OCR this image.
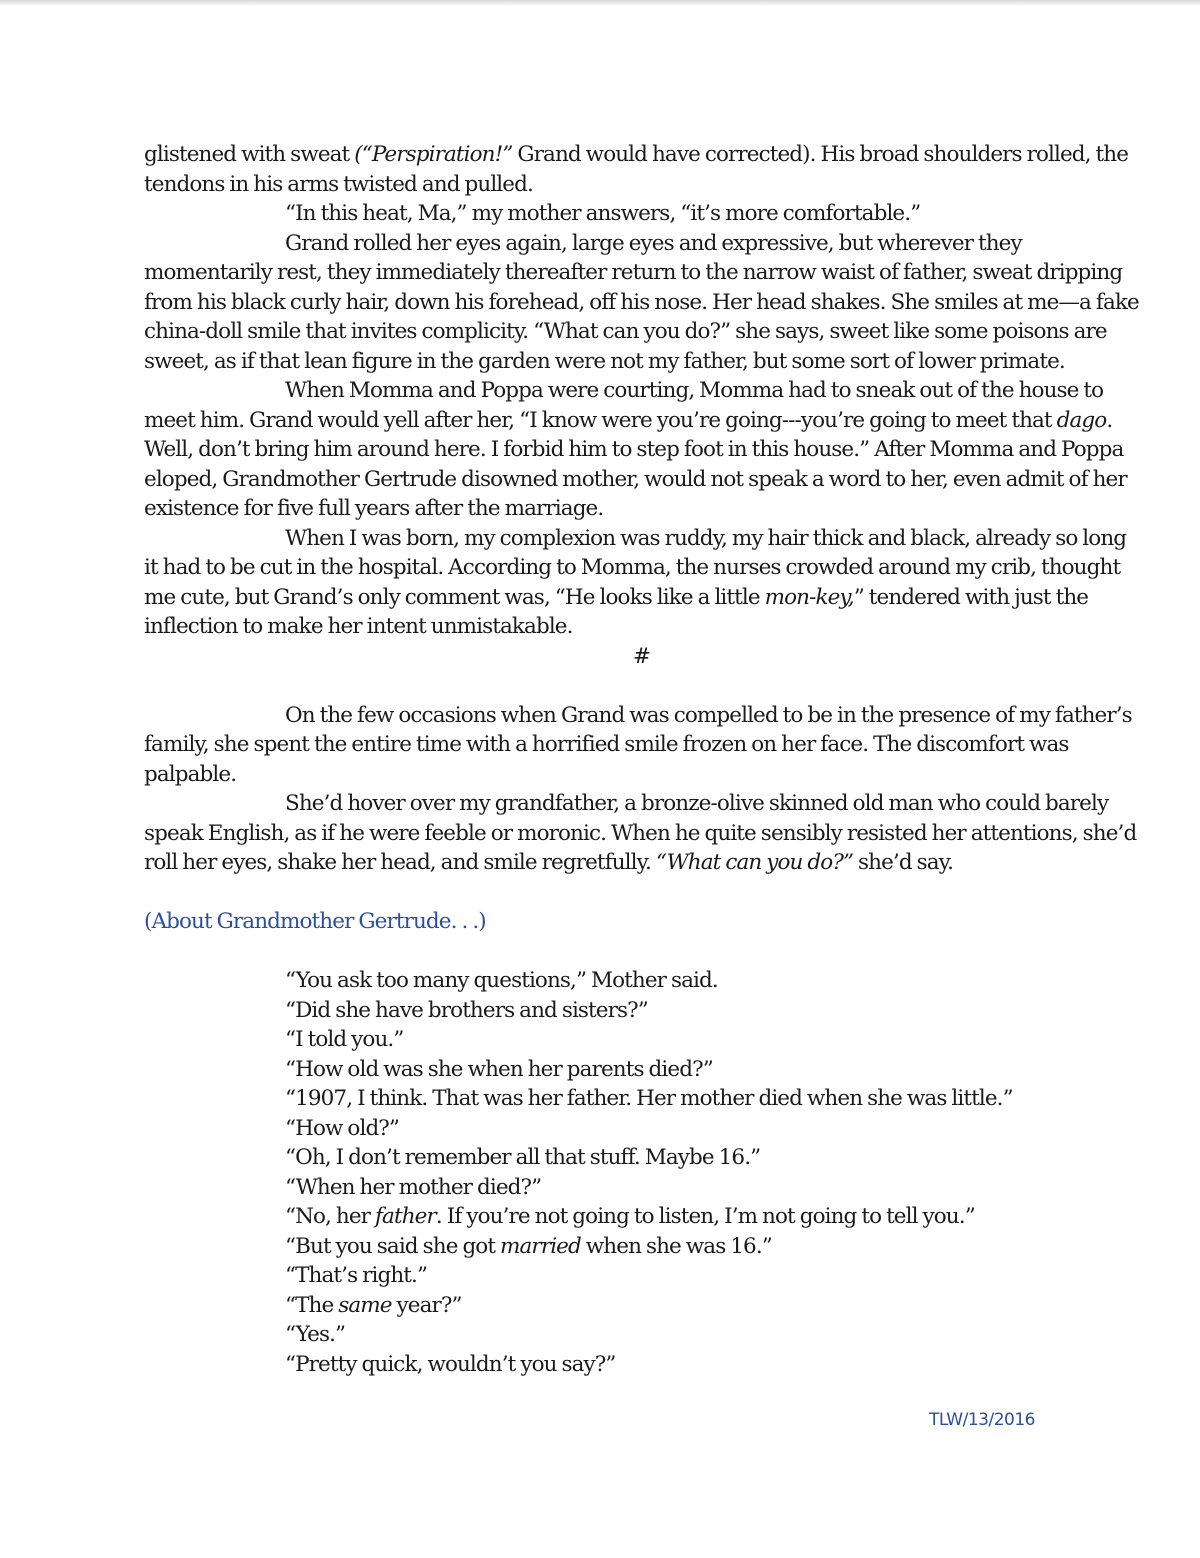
glistened with sweat (“Perspiration!” Grand would have corrected). His broad shoulders rolled, the tendons in his arms twisted and pulled.

“In this heat, Ma,” my mother answers, “it’s more comfortable.”

Grand rolled her eyes again, large eyes and expressive, but wherever they momentarily rest, they immediately thereafter return to the narrow waist of father, sweat dripping from his black curly hair, down his forehead, off his nose. Her head shakes. She smiles at me—a fake china-doll smile that invites complicity. “What can you do?” she says, sweet like some poisons are sweet, as if that lean figure in the garden were not my father, but some sort of lower primate.

When Momma and Poppa were courting, Momma had to sneak out of the house to meet him. Grand would yell after her, “I know were you’re going---you’re going to meet that dago. Well, don’t bring him around here. I forbid him to step foot in this house.” After Momma and Poppa eloped, Grandmother Gertrude disowned mother, would not speak a word to her, even admit of her existence for five full years after the marriage.

When I was born, my complexion was ruddy, my hair thick and black, already so long it had to be cut in the hospital. According to Momma, the nurses crowded around my crib, thought me cute, but Grand’s only comment was, “He looks like a little mon-key,” tendered with just the inflection to make her intent unmistakable.

#

On the few occasions when Grand was compelled to be in the presence of my father’s family, she spent the entire time with a horrified smile frozen on her face. The discomfort was palpable.

She’d hover over my grandfather, a bronze-olive skinned old man who could barely speak English, as if he were feeble or moronic. When he quite sensibly resisted her attentions, she’d roll her eyes, shake her head, and smile regretfully. “What can you do?” she’d say.

(About Grandmother Gertrude. . .)

“You ask too many questions,” Mother said.

“Did she have brothers and sisters?”

“I told you.”

“How old was she when her parents died?”

“1907, I think. That was her father. Her mother died when she was little.”

“How old?”

“Oh, I don’t remember all that stuff. Maybe 16.”

“When her mother died?”

“No, her father. If you’re not going to listen, I’m not going to tell you.”

“But you said she got married when she was 16.”

“That’s right.”

“The same year?”

“Yes.”

“Pretty quick, wouldn’t you say?”

TLW/13/2016
